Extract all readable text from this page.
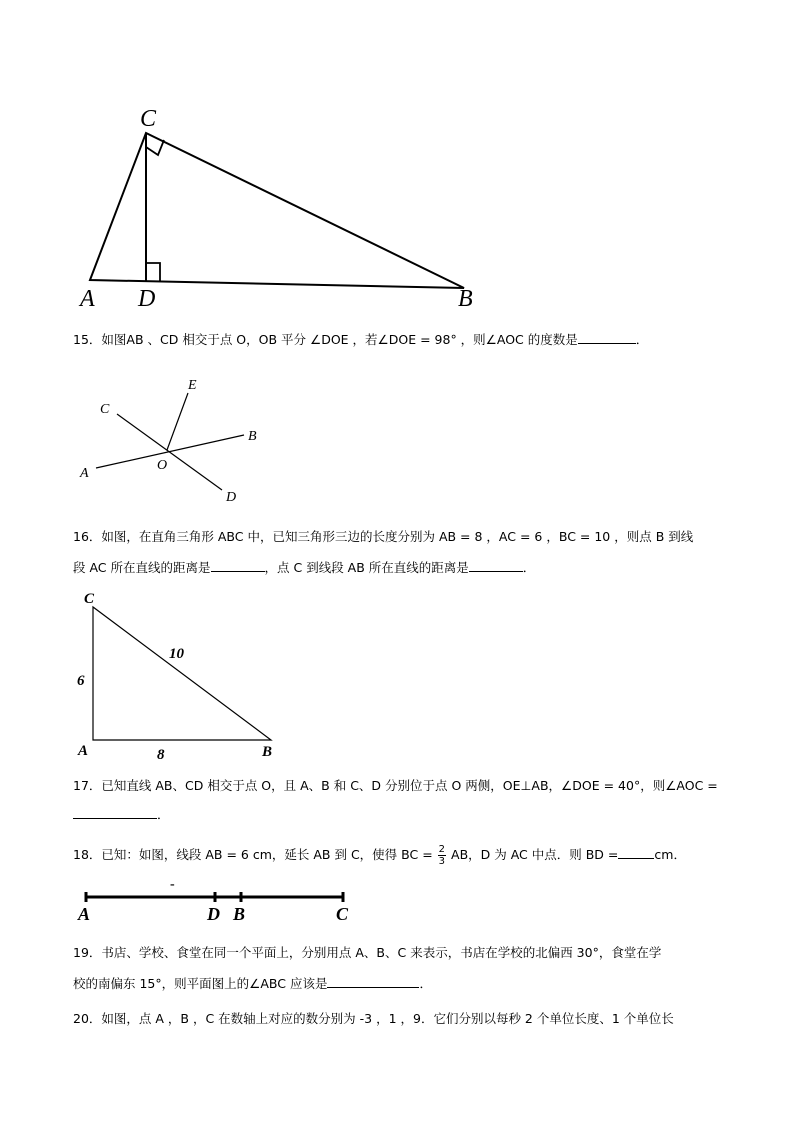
A	B
C
D
15．如图AB 、CD 相交于点 O，OB 平分 ∠DOE ，若∠DOE = 98° ，则∠AOC 的度数是	．
A
B
C
D
E
O
16．如图，在直角三角形 ABC 中，已知三角形三边的长度分别为 AB = 8 ，AC = 6 ，BC = 10 ，则点 B 到线
段 AC 所在直线的距离是	，点 C 到线段 AB 所在直线的距离是	．
C
A	B
6
10
8
17．已知直线 AB、CD 相交于点 O，且 A、B 和 C、D 分别位于点 O 两侧，OE⊥AB，∠DOE = 40°，则∠AOC =
．
18．已知：如图，线段 AB = 6 cm，延长 AB 到 C，使得 BC = $\frac{2}{3}$ AB，D 为 AC 中点．则 BD =	cm．
-
A	D B	C
19．书店、学校、食堂在同一个平面上，分别用点 A、B、C 来表示，书店在学校的北偏西 30°，食堂在学
校的南偏东 15°，则平面图上的∠ABC 应该是	．
20．如图，点 A ，B ，C 在数轴上对应的数分别为 -3 ，1 ，9．它们分别以每秒 2 个单位长度、1 个单位长
